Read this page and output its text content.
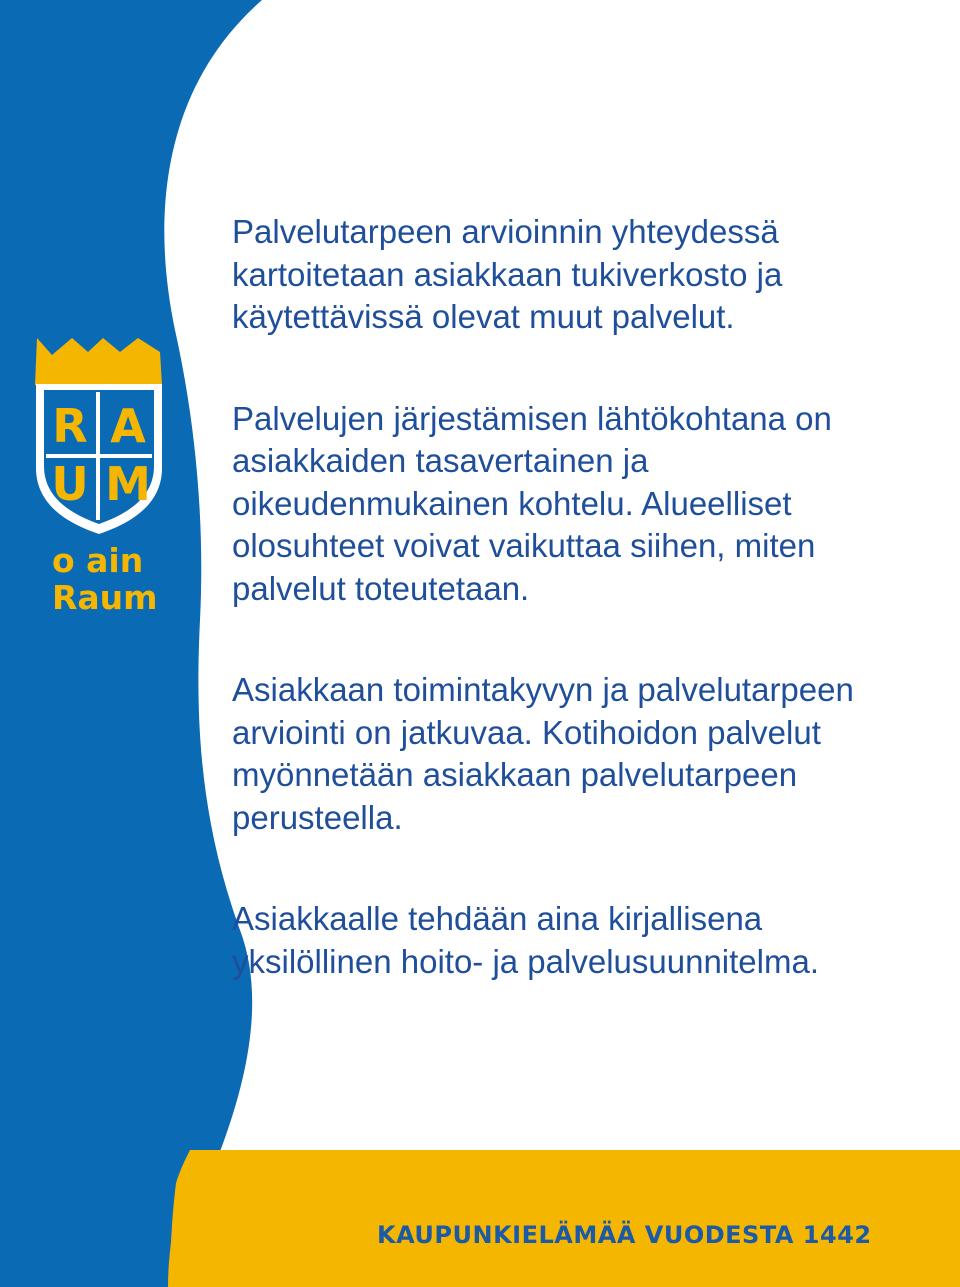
R A
U M
o ain
Raum

Palvelutarpeen arvioinnin yhteydessä
kartoitetaan asiakkaan tukiverkosto ja
käytettävissä olevat muut palvelut.

Palvelujen järjestämisen lähtökohtana on
asiakkaiden tasavertainen ja
oikeudenmukainen kohtelu. Alueelliset
olosuhteet voivat vaikuttaa siihen, miten
palvelut toteutetaan.

Asiakkaan toimintakyvyn ja palvelutarpeen
arviointi on jatkuvaa. Kotihoidon palvelut
myönnetään asiakkaan palvelutarpeen
perusteella.

Asiakkaalle tehdään aina kirjallisena
yksilöllinen hoito- ja palvelusuunnitelma.

KAUPUNKIELÄMÄÄ VUODESTA 1442
